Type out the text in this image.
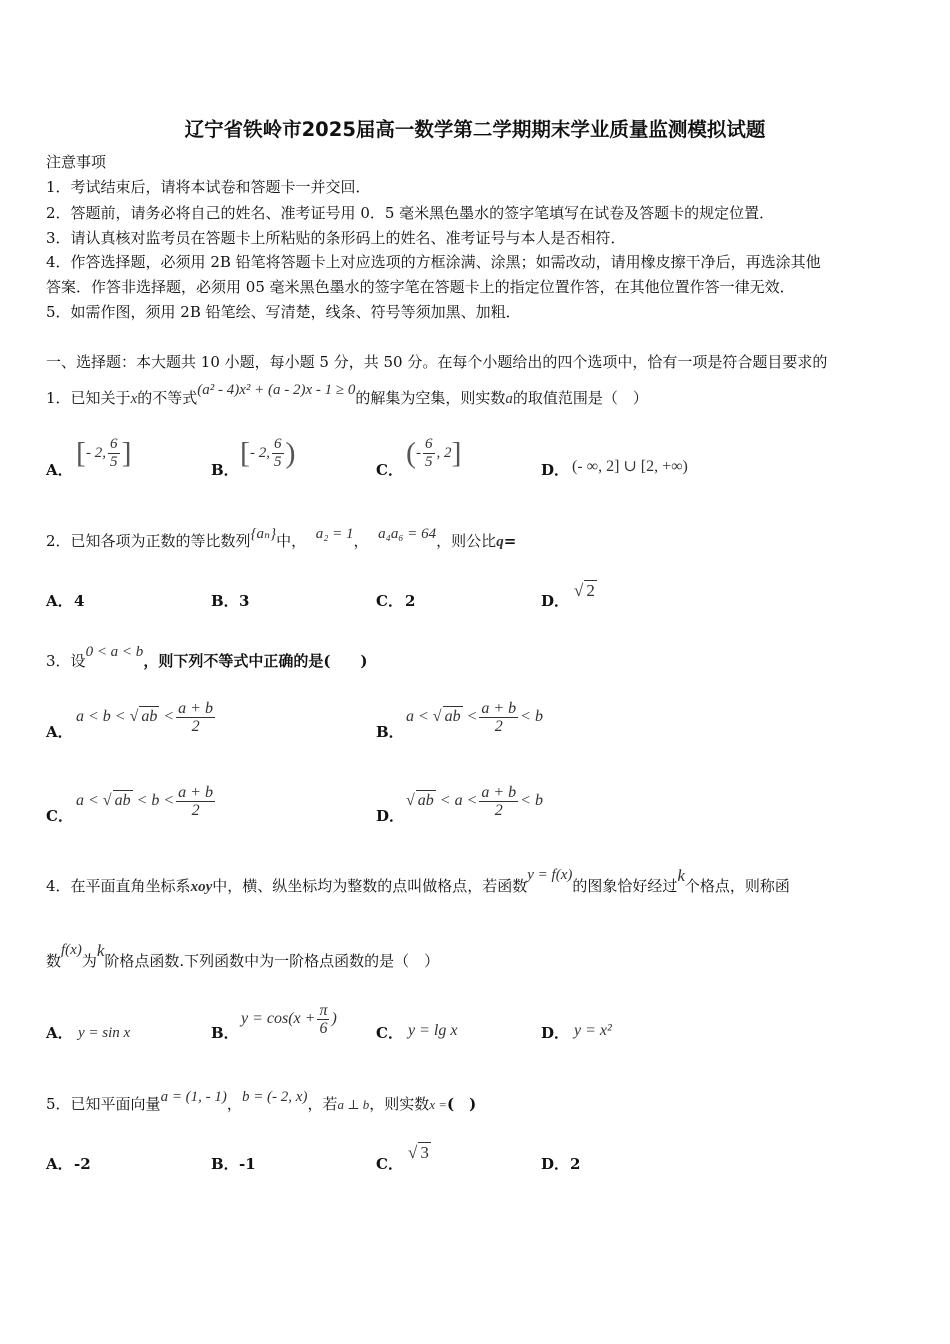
辽宁省铁岭市2025届高一数学第二学期期末学业质量监测模拟试题
注意事项
1．考试结束后，请将本试卷和答题卡一并交回．
2．答题前，请务必将自己的姓名、准考证号用 0．5 毫米黑色墨水的签字笔填写在试卷及答题卡的规定位置．
3．请认真核对监考员在答题卡上所粘贴的条形码上的姓名、准考证号与本人是否相符．
4．作答选择题，必须用 2B 铅笔将答题卡上对应选项的方框涂满、涂黑；如需改动，请用橡皮擦干净后，再选涂其他
答案．作答非选择题，必须用 05 毫米黑色墨水的签字笔在答题卡上的指定位置作答，在其他位置作答一律无效．
5．如需作图，须用 2B 铅笔绘、写清楚，线条、符号等须加黑、加粗．
一、选择题：本大题共 10 小题，每小题 5 分，共 50 分。在每个小题给出的四个选项中，恰有一项是符合题目要求的
1．已知关于x的不等式(a² - 4)x² + (a - 2)x - 1 ≥ 0的解集为空集，则实数a的取值范围是（　）
A．
[- 2, $\frac{6}{5}$ ]
B．
[- 2, $\frac{6}{5}$ )
C．
(- $\frac{6}{5}$ , 2]
D． (- ∞, 2] ∪ [2, +∞)
2．已知各项为正数的等比数列{aₙ}中， a₂ = 1， a₄a₆ = 64，则公比q=
A． 4	B． 3	C． 2	D．
√ 2
3．设0 < a < b，则下列不等式中正确的是(　　)
A．
a < b < √ ab < $\frac{a + b}{2}$	B．
a < √ ab < $\frac{a + b}{2} < b$
C．
a < √ ab < $b < \frac{a + b}{2}$	D．
√ ab < $a < \frac{a + b}{2} < b$
4．在平面直角坐标系xoy中，横、纵坐标均为整数的点叫做格点，若函数y = f(x)的图象恰好经过k个格点，则称函
数f(x)为k阶格点函数.下列函数中为一阶格点函数的是（　）
A． y = sin x	B．
$y = \cos(x + \frac{\pi}{6}$ )
C． y = lg x	D． y = x²
5．已知平面向量a = (1, - 1)，b = (- 2, x)，若a ⊥ b，则实数x =(　)
A． -2	B． -1	C．
√ 3
D． 2
